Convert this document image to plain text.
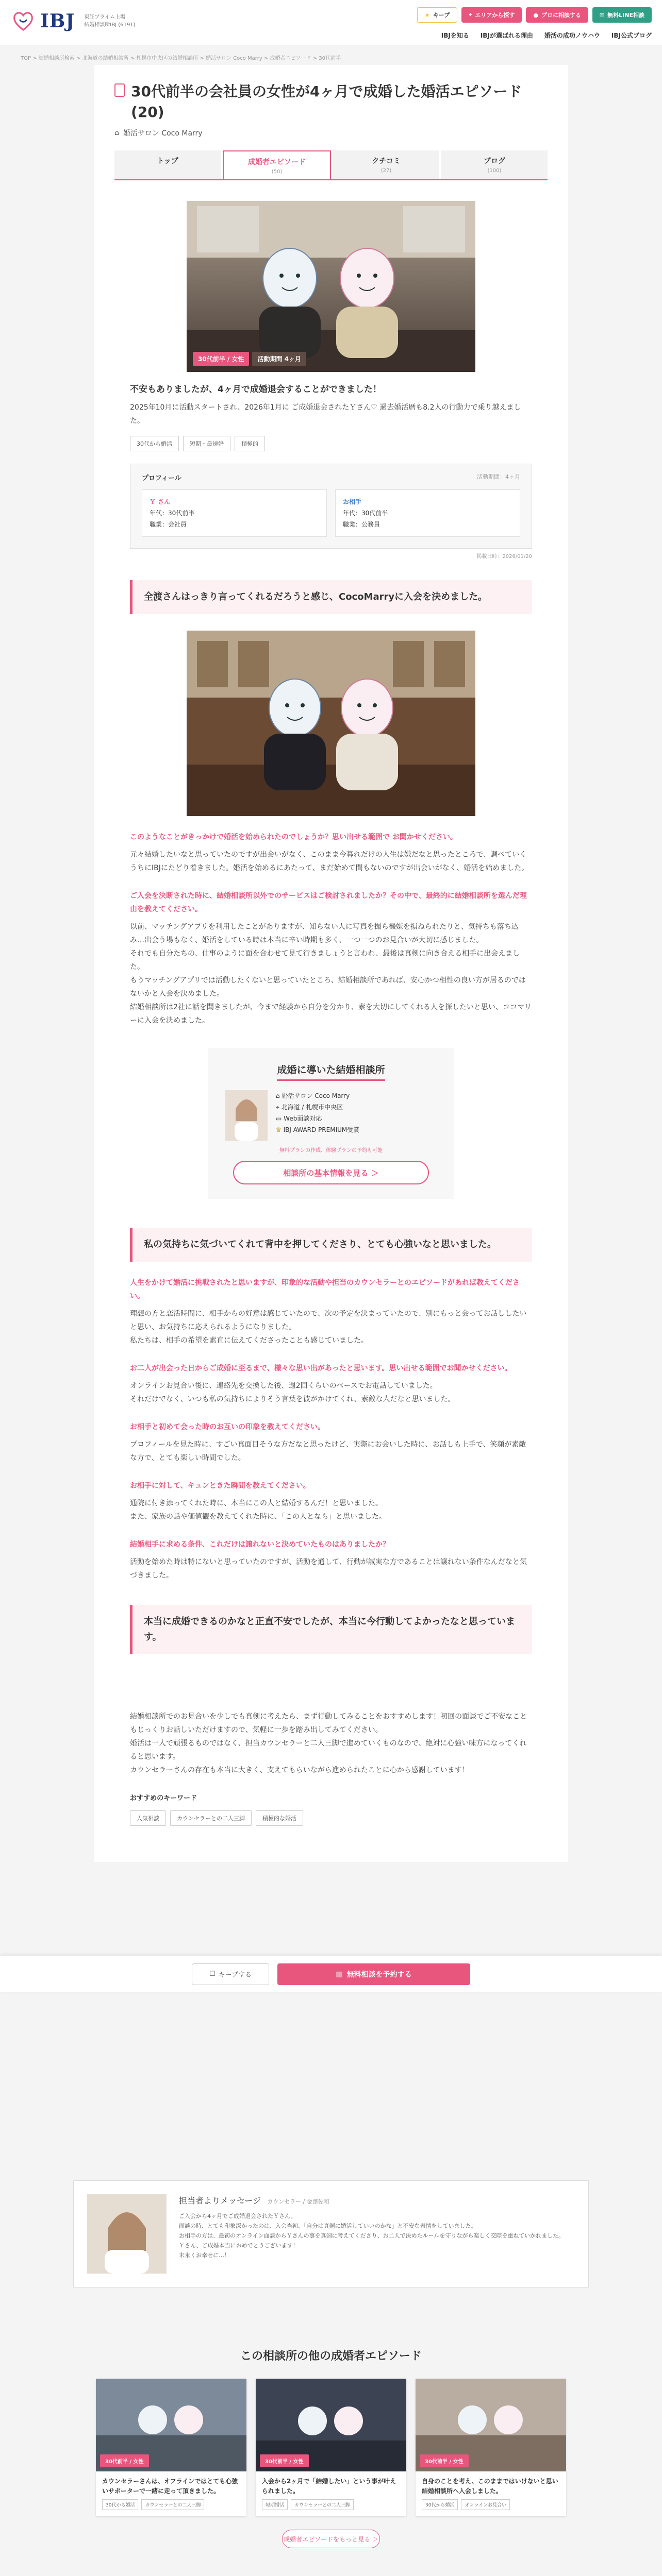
IBJ 東証プライム上場
結婚相談所IBJ (6191)
★ キープ	⌖ エリアから探す	● プロに相談する	✉ 無料LINE相談
IBJを知る IBJが選ばれる理由 婚活の成功ノウハウ IBJ公式ブログ
TOP > 結婚相談所検索 > 北海道の結婚相談所 > 札幌市中央区の結婚相談所 > 婚活サロン Coco Marry > 成婚者エピソード > 30代前半
30代前半の会社員の女性が4ヶ月で成婚した婚活エピソード(20)
⌂ 婚活サロン Coco Marry
トップ	成婚者エピソード
(50)
クチコミ
(27)
ブログ
(100)
30代前半 / 女性	活動期間 4ヶ月
不安もありましたが、4ヶ月で成婚退会することができました！
2025年10月に活動スタートされ、2026年1月に ご成婚退会されたＹさん♡ 過去婚活暦も8.2人の行動力で乗り越えました。
30代から婚活	短期・最速婚	積極的
プロフィール	活動期間：4ヶ月
Ｙ さん
年代：30代前半
職業：会社員
お相手
年代：30代前半
職業：公務員
掲載日時：2026/01/20
全渡さんはっきり言ってくれるだろうと感じ、CocoMarryに入会を決めました。
このようなことがきっかけで婚活を始められたのでしょうか？思い出せる範囲で お聞かせください。
元々結婚したいなと思っていたのですが出会いがなく、このまま今暮れだけの人生は嫌だなと思ったところで、調べていくうちにIBJにたどり着きました。婚活を始めるにあたって、まだ始めて間もないのですが出会いがなく、婚活を始めました。
ご入会を決断された時に、結婚相談所以外でのサービスはご検討されましたか？その中で、最終的に結婚相談所を選んだ理由を教えてください。
以前、マッチングアプリを利用したことがありますが、知らない人に写真を撮ら機嫌を損ねられたりと、気持ちも落ち込み…出会う場もなく、婚活をしている時は本当に辛い時期も多く、一つ一つのお見合いが大切に感じました。
それでも自分たちの、仕事のように面を合わせて見て行きましょうと言われ、最後は真剣に向き合える相手に出会えました。
もうマッチングアプリでは活動したくないと思っていたところ、結婚相談所であれば、安心かつ相性の良い方が居るのではないかと入会を決めました。
結婚相談所は2社に話を聞きましたが、今まで経験から自分を分かり、素を大切にしてくれる人を探したいと思い、ココマリーに入会を決めました。
成婚に導いた結婚相談所
⌂ 婚活サロン Coco Marry
⌖ 北海道 / 札幌市中央区
▭ Web面談対応
♛ IBJ AWARD PREMIUM受賞
無料プランの作成、体験プランの予約も可能
相談所の基本情報を見る ＞
私の気持ちに気づいてくれて背中を押してくださり、とても心強いなと思いました。
人生をかけて婚活に挑戦されたと思いますが、印象的な活動や担当のカウンセラーとのエピソードがあれば教えてください。
理想の方と恋活時間に、相手からの好意は感じていたので、次の予定を決まっていたので、別にもっと会ってお話ししたいと思い、お気持ちに応えられるようになりました。
私たちは、相手の希望を素直に伝えてくださったことも感じていました。
お二人が出会った日からご成婚に至るまで、様々な思い出があったと思います。思い出せる範囲でお聞かせください。
オンラインお見合い後に、連絡先を交換した後、週2回くらいのペースでお電話していました。
それだけでなく、いつも私の気持ちによりそう言葉を彼がかけてくれ、素敵な人だなと思いました。
お相手と初めて会った時のお互いの印象を教えてください。
プロフィールを見た時に、すごい真面目そうな方だなと思ったけど、実際にお会いした時に、お話しも上手で、笑顔が素敵な方で、とても楽しい時間でした。
お相手に対して、キュンときた瞬間を教えてください。
通院に付き添ってくれた時に、本当にこの人と結婚するんだ！と思いました。
また、家族の話や価値観を教えてくれた時に、「この人となら」と思いました。
結婚相手に求める条件、これだけは譲れないと決めていたものはありましたか？
活動を始めた時は特にないと思っていたのですが、活動を通して、行動が誠実な方であることは譲れない条件なんだなと気づきました。
本当に成婚できるのかなと正直不安でしたが、本当に今行動してよかったなと思っています。
結婚相談所でのお見合いを少しでも真剣に考えたら、まず行動してみることをおすすめします！初回の面談でご不安なこともじっくりお話しいただけますので、気軽に一歩を踏み出してみてください。
婚活は一人で頑張るものではなく、担当カウンセラーと二人三脚で進めていくものなので、絶対に心強い味方になってくれると思います。
カウンセラーさんの存在も本当に大きく、支えてもらいながら進められたことに心から感謝しています！
おすすめのキーワード
人気相談	カウンセラーとの二人三脚	積極的な婚活
☐ キープする	▦ 無料相談を予約する
担当者よりメッセージ カウンセラー / 金澤佐和

ご入会から4ヶ月でご成婚退会されたＹさん。
面談の時、とても印象深かったのは、入会当初、「自分は真剣に婚活していいのかな」と不安な表情をしていました。
お相手の方は、最初のオンライン面談からＹさんの事を真剣に考えてくださり、お二人で決めたルールを守りながら楽しく交際を重ねていかれました。
Ｙさん、ご成婚本当におめでとうございます！
末永くお幸せに…！

この相談所の他の成婚者エピソード
30代前半 / 女性
カウンセラーさんは、オフラインではとても心強いサポーターで一緒に走って頂きました。
30代から婚活	カウンセラーとの二人三脚
30代前半 / 女性
入会から2ヶ月で「結婚したい」という事が叶えられました。
短期婚活	カウンセラーとの二人三脚
30代前半 / 女性
自身のことを考え、このままではいけないと思い結婚相談所へ入会しました。
30代から婚活	オンラインお見合い
成婚者エピソードをもっと見る ＞
